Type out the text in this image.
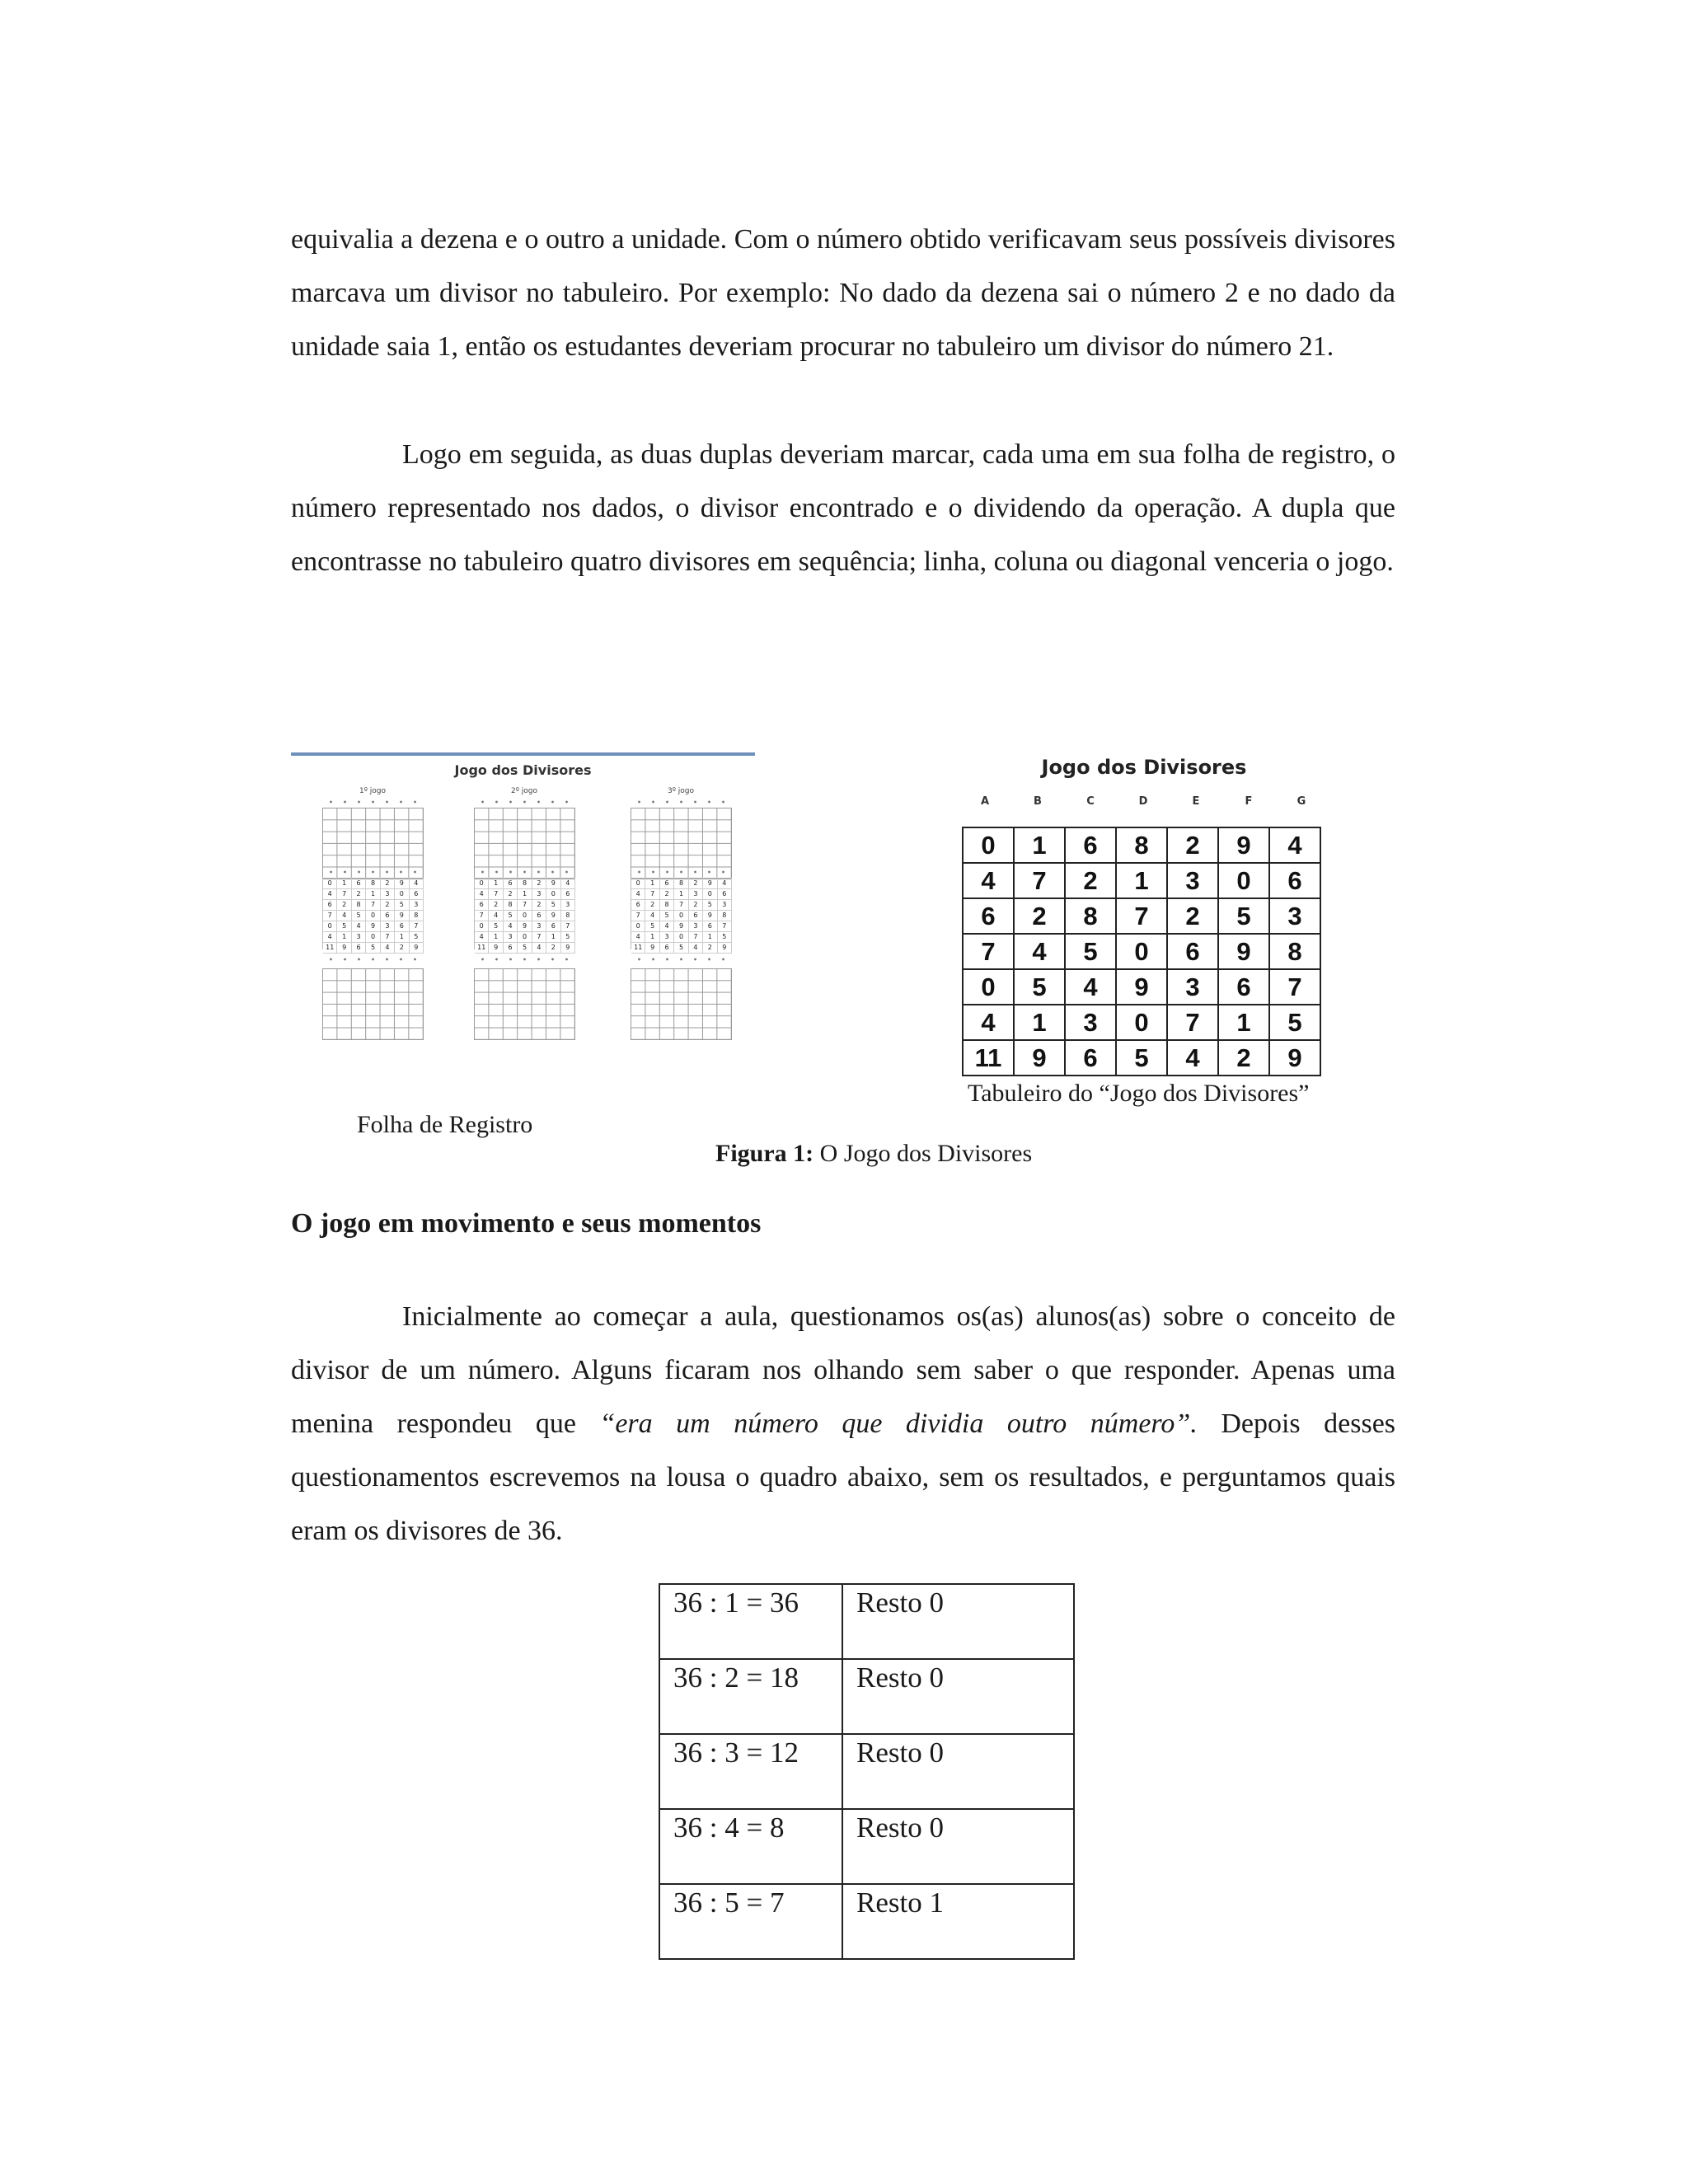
equivalia a dezena e o outro a unidade. Com o número obtido verificavam seus possíveis divisores marcava um divisor no tabuleiro. Por exemplo: No dado da dezena sai o número 2 e no dado da unidade saia 1, então os estudantes deveriam procurar no tabuleiro um divisor do número 21.

Logo em seguida, as duas duplas deveriam marcar, cada uma em sua folha de registro, o número representado nos dados, o divisor encontrado e o dividendo da operação. A dupla que encontrasse no tabuleiro quatro divisores em sequência; linha, coluna ou diagonal venceria o jogo.

Jogo dos Divisores
1º jogo
0	1	6	8	2	9	4
4	7	2	1	3	0	6
6	2	8	7	2	5	3
7	4	5	0	6	9	8
0	5	4	9	3	6	7
4	1	3	0	7	1	5
11	9	6	5	4	2	9
2º jogo
0	1	6	8	2	9	4
4	7	2	1	3	0	6
6	2	8	7	2	5	3
7	4	5	0	6	9	8
0	5	4	9	3	6	7
4	1	3	0	7	1	5
11	9	6	5	4	2	9
3º jogo
0	1	6	8	2	9	4
4	7	2	1	3	0	6
6	2	8	7	2	5	3
7	4	5	0	6	9	8
0	5	4	9	3	6	7
4	1	3	0	7	1	5
11	9	6	5	4	2	9
Folha de Registro
Jogo dos Divisores
A	B	C	D	E	F	G
0	1	6	8	2	9	4
4	7	2	1	3	0	6
6	2	8	7	2	5	3
7	4	5	0	6	9	8
0	5	4	9	3	6	7
4	1	3	0	7	1	5
11	9	6	5	4	2	9
Tabuleiro do “Jogo dos Divisores”
Figura 1: O Jogo dos Divisores
O jogo em movimento e seus momentos

Inicialmente ao começar a aula, questionamos os(as) alunos(as) sobre o conceito de divisor de um número. Alguns ficaram nos olhando sem saber o que responder. Apenas uma menina respondeu que “era um número que dividia outro número”. Depois desses questionamentos escrevemos na lousa o quadro abaixo, sem os resultados, e perguntamos quais eram os divisores de 36.

36 : 1 = 36	Resto 0
36 : 2 = 18	Resto 0
36 : 3 = 12	Resto 0
36 : 4 = 8	Resto 0
36 : 5 = 7	Resto 1
